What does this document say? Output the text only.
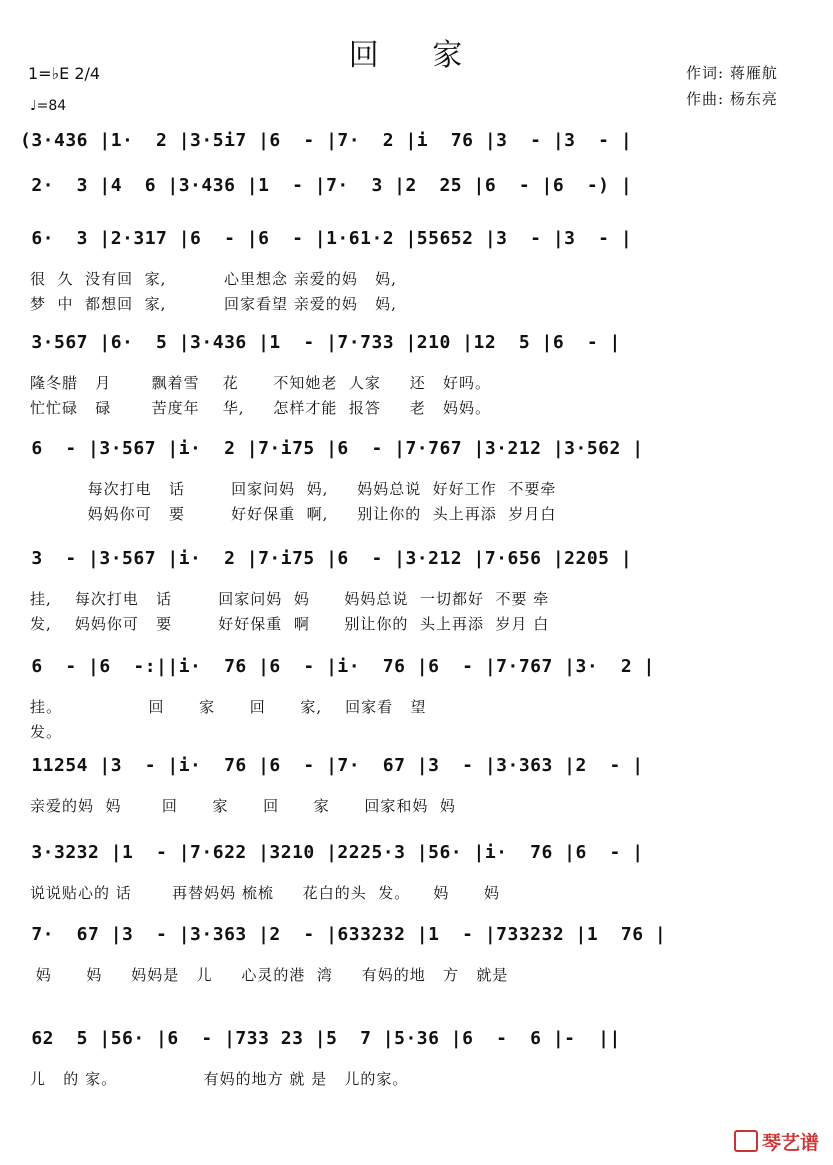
回 家	作词: 蒋雁航
作曲: 杨东亮
1=♭E 2/4
♩=84
(3·436 |1·  2 |3·5i7 |6  - |7·  2 |i  76 |3  - |3  - |
2·  3 |4  6 |3·436 |1  - |7·  3 |2  25 |6  - |6  -) |
6·  3 |2·317 |6  - |6  - |1·61·2 |55652 |3  - |3  - |
很  久  没有回  家,          心里想念 亲爱的妈   妈,
梦  中  都想回  家,          回家看望 亲爱的妈   妈,
3·567 |6·  5 |3·436 |1  - |7·733 |210 |12  5 |6  - |
隆冬腊   月       飘着雪    花      不知她老  人家     还   好吗。
忙忙碌   碌       苦度年    华,     怎样才能  报答     老   妈妈。
6  - |3·567 |i·  2 |7·i75 |6  - |7·767 |3·212 |3·562 |
每次打电   话        回家问妈  妈,     妈妈总说  好好工作  不要牵
妈妈你可   要        好好保重  啊,     别让你的  头上再添  岁月白
3  - |3·567 |i·  2 |7·i75 |6  - |3·212 |7·656 |2205 |
挂,    每次打电   话        回家问妈  妈      妈妈总说  一切都好  不要 牵
发,    妈妈你可   要        好好保重  啊      别让你的  头上再添  岁月 白
6  - |6  -:||i·  76 |6  - |i·  76 |6  - |7·767 |3·  2 |
挂。               回      家      回      家,    回家看   望
发。
11254 |3  - |i·  76 |6  - |7·  67 |3  - |3·363 |2  - |
亲爱的妈  妈       回      家      回      家      回家和妈  妈
3·3232 |1  - |7·622 |3210 |2225·3 |56· |i·  76 |6  - |
说说贴心的 话       再替妈妈 梳梳     花白的头  发。    妈      妈
7·  67 |3  - |3·363 |2  - |633232 |1  - |733232 |1  76 |
妈      妈     妈妈是   儿     心灵的港  湾     有妈的地   方   就是
62  5 |56· |6  - |733 23 |5  7 |5·36 |6  -  6 |-  ||
儿   的 家。               有妈的地方 就 是   儿的家。
琴艺谱
